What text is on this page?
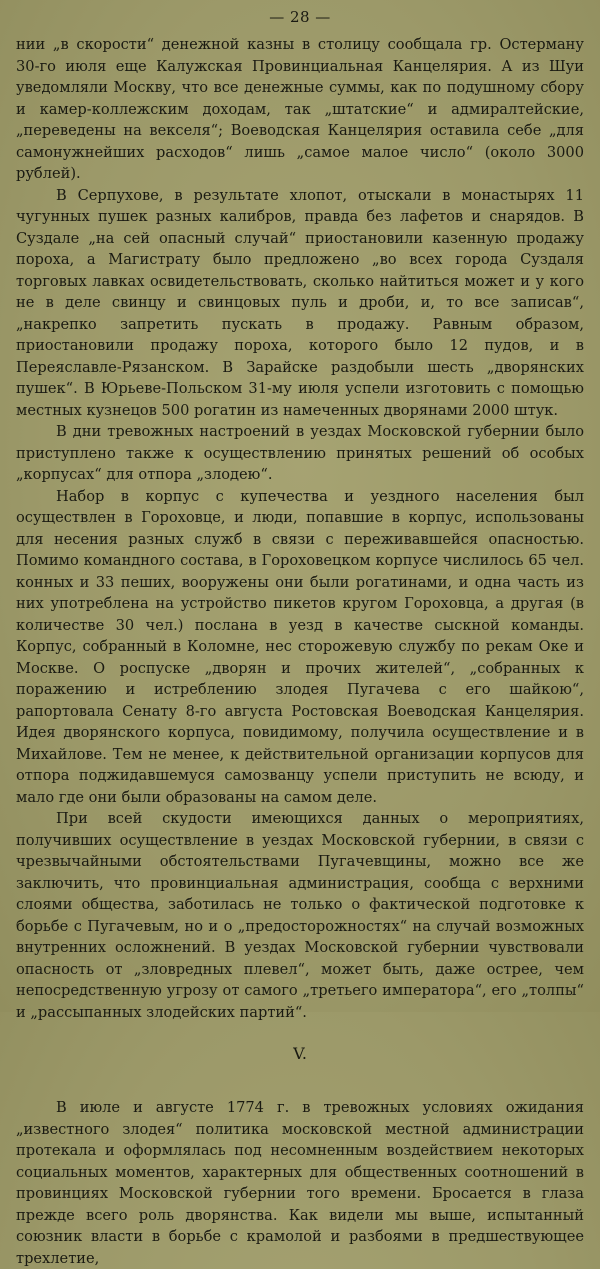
— 28 —

нии „в скорости“ денежной казны в столицу сообщала гр. Остерману 30-го июля еще Калужская Провинциальная Канцелярия. А из Шуи уведомляли Москву, что все денежные суммы, как по подушному сбору и камер-коллежским доходам, так „штатские“ и адмиралтейские, „переведены на векселя“; Воеводская Канцелярия оставила себе „для самонужнейших расходов“ лишь „самое малое число“ (около 3000 рублей).

В Серпухове, в результате хлопот, отыскали в монастырях 11 чугунных пушек разных калибров, правда без лафетов и снарядов. В Суздале „на сей опасный случай“ приостановили казенную продажу пороха, а Магистрату было предложено „во всех города Суздаля торговых лавках освидетельствовать, сколько найтиться может и у кого не в деле свинцу и свинцовых пуль и дроби, и, то все записав“, „накрепко запретить пускать в продажу. Равным образом, приостановили продажу пороха, которого было 12 пудов, и в Переяславле-Рязанском. В Зарайске раздобыли шесть „дворянских пушек“. В Юрьеве-Польском 31-му июля успели изготовить с помощью местных кузнецов 500 рогатин из намеченных дворянами 2000 штук.

В дни тревожных настроений в уездах Московской губернии было приступлено также к осуществлению принятых решений об особых „корпусах“ для отпора „злодею“.

Набор в корпус с купечества и уездного населения был осуществлен в Гороховце, и люди, попавшие в корпус, использованы для несения разных служб в связи с переживавшейся опасностью. Помимо командного состава, в Гороховецком корпусе числилось 65 чел. конных и 33 пеших, вооружены они были рогатинами, и одна часть из них употреблена на устройство пикетов кругом Гороховца, а другая (в количестве 30 чел.) послана в уезд в качестве сыскной команды. Корпус, собранный в Коломне, нес сторожевую службу по рекам Оке и Москве. О роспуске „дворян и прочих жителей“, „собранных к поражению и истреблению злодея Пугачева с его шайкою“, рапортовала Сенату 8-го августа Ростовская Воеводская Канцелярия. Идея дворянского корпуса, повидимому, получила осуществление и в Михайлове. Тем не менее, к действительной организации корпусов для отпора поджидавшемуся самозванцу успели приступить не всюду, и мало где они были образованы на самом деле.

При всей скудости имеющихся данных о мероприятиях, получивших осуществление в уездах Московской губернии, в связи с чрезвычайными обстоятельствами Пугачевщины, можно все же заключить, что провинциальная администрация, сообща с верхними слоями общества, заботилась не только о фактической подготовке к борьбе с Пугачевым, но и о „предосторожностях“ на случай возможных внутренних осложнений. В уездах Московской губернии чувствовали опасность от „зловредных плевел“, может быть, даже острее, чем непосредственную угрозу от самого „третьего императора“, его „толпы“ и „рассыпанных злодейских партий“.

V.

В июле и августе 1774 г. в тревожных условиях ожидания „известного злодея“ политика московской местной администрации протекала и оформлялась под несомненным воздействием некоторых социальных моментов, характерных для общественных соотношений в провинциях Московской губернии того времени. Бросается в глаза прежде всего роль дворянства. Как видели мы выше, испытанный союзник власти в борьбе с крамолой и разбоями в предшествующее трехлетие,
